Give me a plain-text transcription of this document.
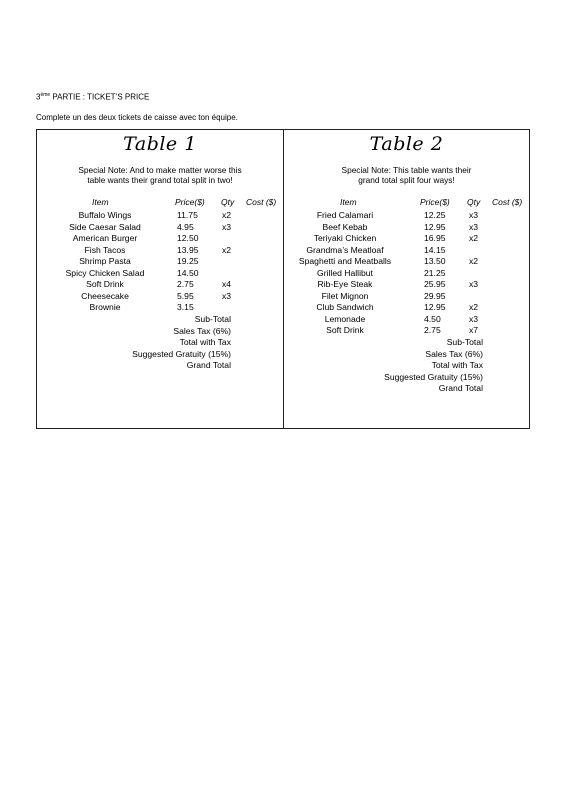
3ème PARTIE : TICKET’S PRICE
Complete un des deux tickets de caisse avec ton équipe.
Table 1
Special Note: And to make matter worse this
table wants their grand total split in two!
Item	Price($) Qty Cost ($)
Buffalo Wings	11.75	x2
Side Caesar Salad	4.95	x3
American Burger	12.50
Fish Tacos	13.95	x2
Shrimp Pasta	19.25
Spicy Chicken Salad	14.50
Soft Drink	2.75	x4
Cheesecake	5.95	x3
Brownie	3.15
Sub-Total
Sales Tax (6%)
Total with Tax
Suggested Gratuity (15%)
Grand Total
Table 2
Special Note: This table wants their
grand total split four ways!
Item	Price($) Qty Cost ($)
Fried Calamari	12.25	x3
Beef Kebab	12.95	x3
Teriyaki Chicken	16.95	x2
Grandma’s Meatloaf	14.15
Spaghetti and Meatballs	13.50	x2
Grilled Hallibut	21.25
Rib-Eye Steak	25.95	x3
Filet Mignon	29.95
Club Sandwich	12.95	x2
Lemonade	4.50	x3
Soft Drink	2.75	x7
Sub-Total
Sales Tax (6%)
Total with Tax
Suggested Gratuity (15%)
Grand Total
